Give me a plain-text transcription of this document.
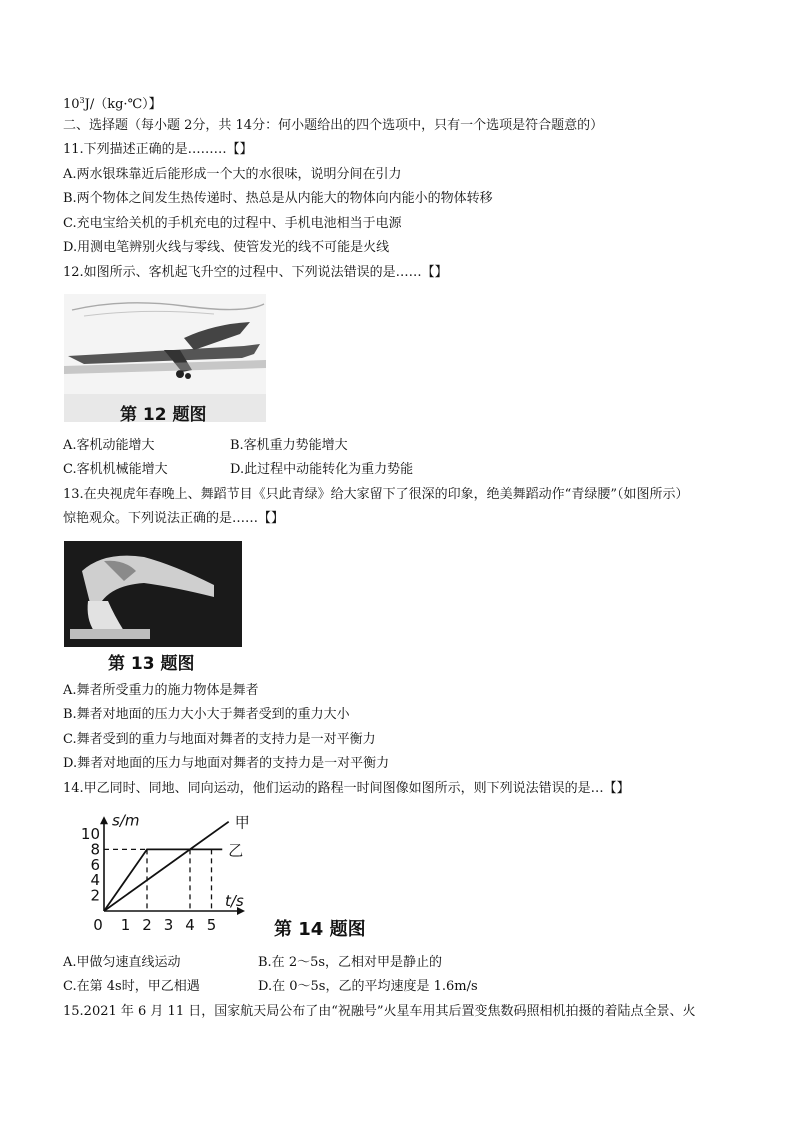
$10^3J/(kg\cdot℃)$】
二、选择题（每小题 2分，共 14分：何小题给出的四个选项中，只有一个选项是符合题意的）
11.下列描述正确的是………【】
A.两水银珠靠近后能形成一个大的水很味，说明分间在引力
B.两个物体之间发生热传递时、热总是从内能大的物体向内能小的物体转移
C.充电宝给关机的手机充电的过程中、手机电池相当于电源
D.用测电笔辨别火线与零线、使管发光的线不可能是火线
12.如图所示、客机起飞升空的过程中、下列说法错误的是……【】
第 12 题图
A.客机动能增大	B.客机重力势能增大
C.客机机械能增大	D.此过程中动能转化为重力势能
13.在央视虎年春晚上、舞蹈节目《只此青绿》给大家留下了很深的印象，绝美舞蹈动作“青绿腰”（如图所示）
惊艳观众。下列说法正确的是……【】
第 13 题图
A.舞者所受重力的施力物体是舞者
B.舞者对地面的压力大小大于舞者受到的重力大小
C.舞者受到的重力与地面对舞者的支持力是一对平衡力
D.舞者对地面的压力与地面对舞者的支持力是一对平衡力
14.甲乙同时、同地、同向运动，他们运动的路程一时间图像如图所示，则下列说法错误的是…【】
s/m
t/s
2
4
6
8
10
0 1 2 3 4 5
甲
乙
第 14 题图
A.甲做匀速直线运动	B.在 2～5s，乙相对甲是静止的
C.在第 4s时，甲乙相遇	D.在 0～5s，乙的平均速度是 1.6m/s
15.2021 年 6 月 11 日，国家航天局公布了由“祝融号”火星车用其后置变焦数码照相机拍摄的着陆点全景、火
